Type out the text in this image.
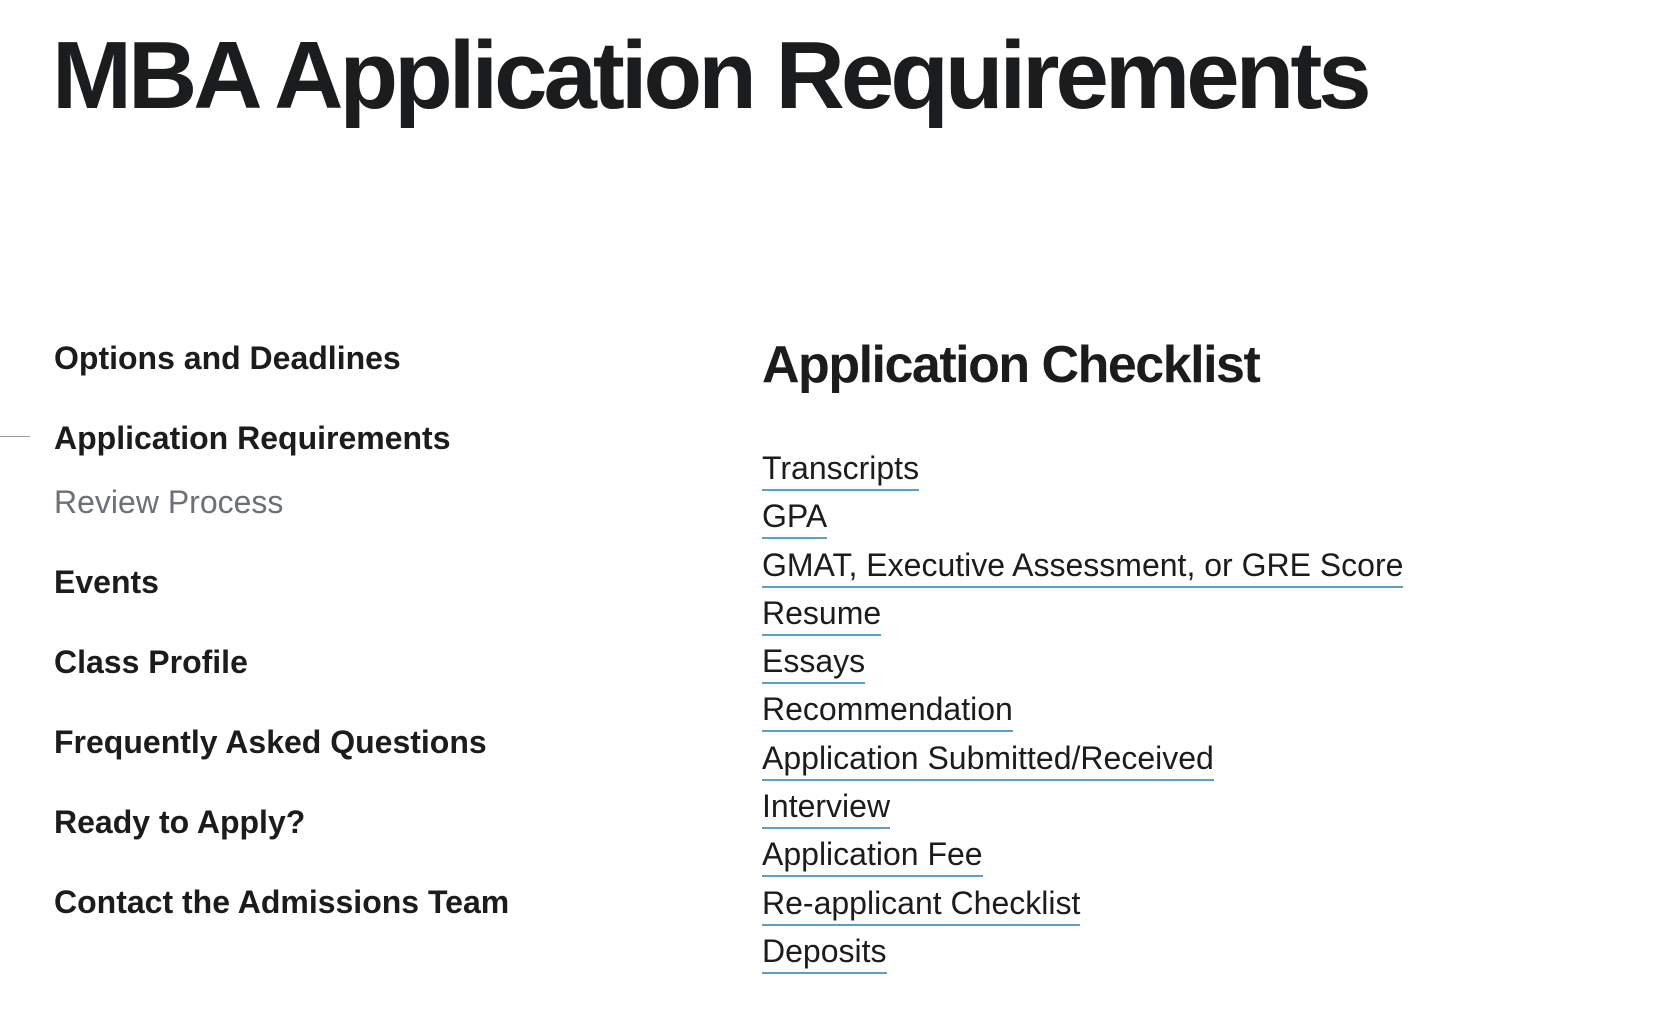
MBA Application Requirements
Options and Deadlines
Application Requirements
Review Process
Events
Class Profile
Frequently Asked Questions
Ready to Apply?
Contact the Admissions Team
Application Checklist
Transcripts
GPA
GMAT, Executive Assessment, or GRE Score
Resume
Essays
Recommendation
Application Submitted/Received
Interview
Application Fee
Re-applicant Checklist
Deposits
